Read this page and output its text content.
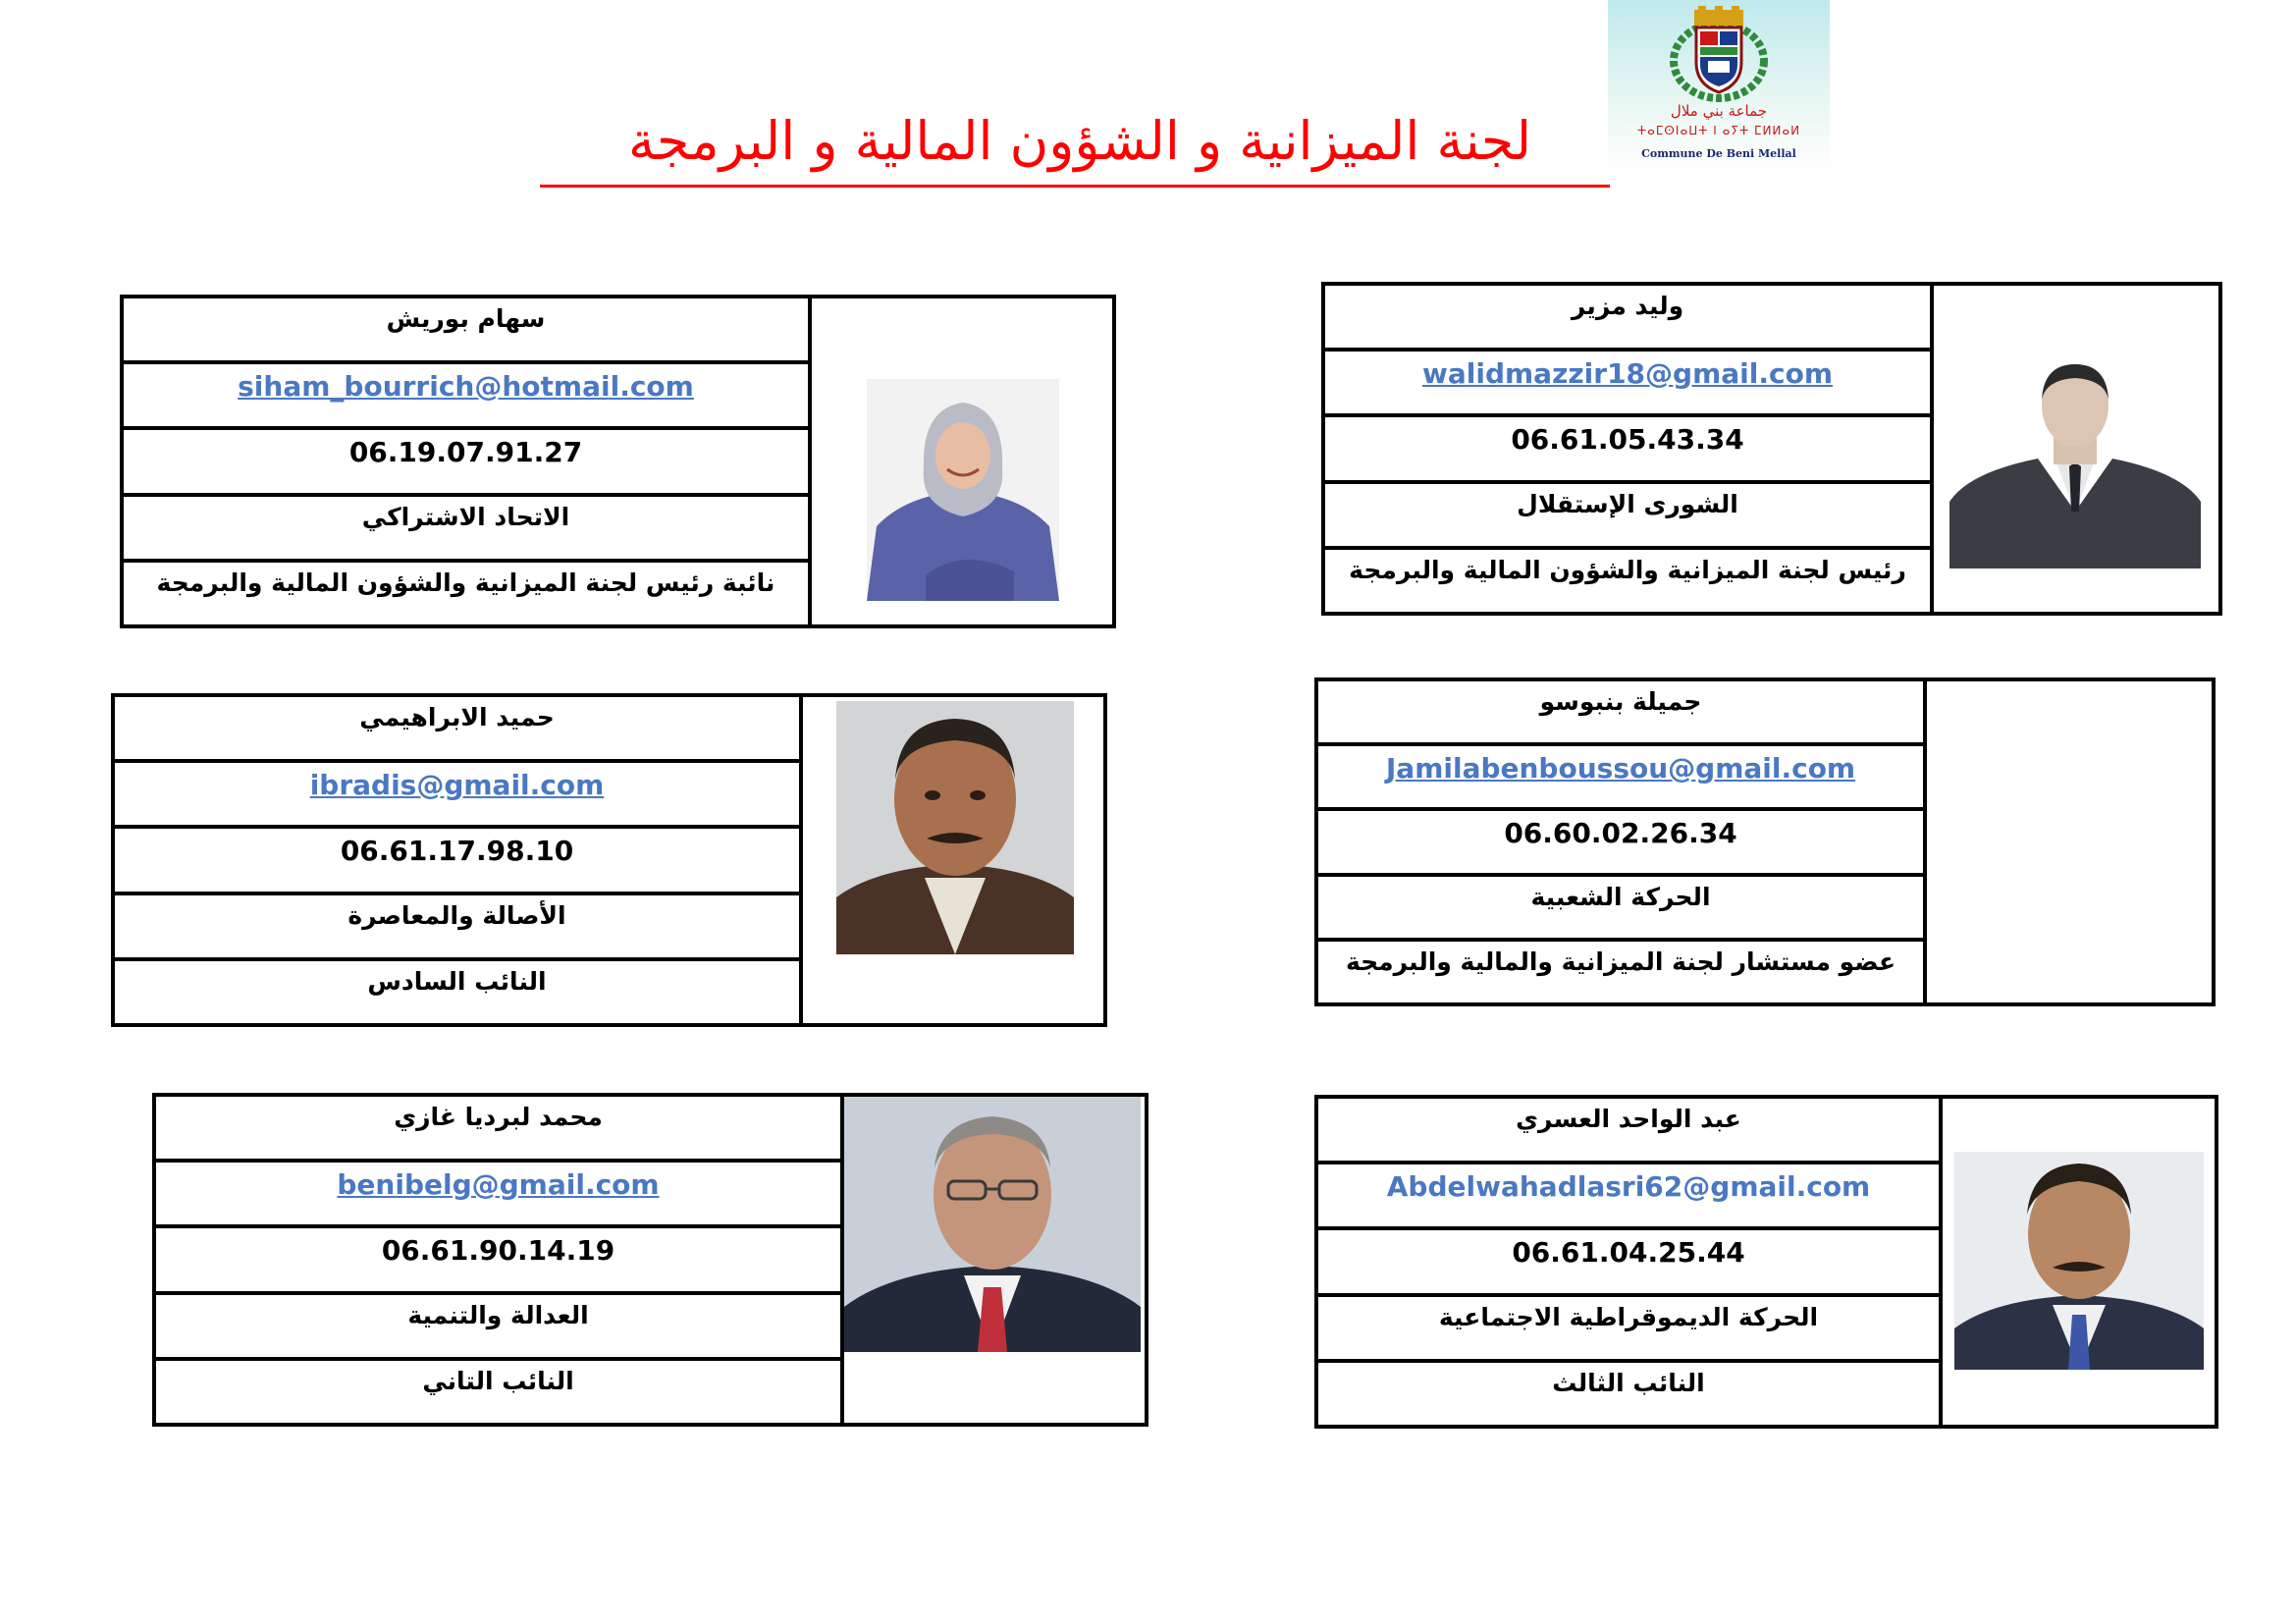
لجنة الميزانية و الشؤون المالية و البرمجة	جماعة بني ملال
ⵜⴰⵎⵙⵏⴰⵡⵜ ⵏ ⴰⵢⵜ ⵎⵍⵍⴰⵍ
Commune De Beni Mellal
وليد مزير
walidmazzir18@gmail.com
06.61.05.43.34
الشورى الإستقلال
رئيس لجنة الميزانية والشؤون المالية والبرمجة
سهام بوريش
siham_bourrich@hotmail.com
06.19.07.91.27
الاتحاد الاشتراكي
نائبة رئيس لجنة الميزانية والشؤون المالية والبرمجة
جميلة بنبوسو
Jamilabenboussou@gmail.com
06.60.02.26.34
الحركة الشعبية
عضو مستشار لجنة الميزانية والمالية والبرمجة
حميد الابراهيمي
ibradis@gmail.com
06.61.17.98.10
الأصالة والمعاصرة
النائب السادس
عبد الواحد العسري
Abdelwahadlasri62@gmail.com
06.61.04.25.44
الحركة الديموقراطية الاجتماعية
النائب الثالث
محمد لبرديا غازي
benibelg@gmail.com
06.61.90.14.19
العدالة والتنمية
النائب التاني
